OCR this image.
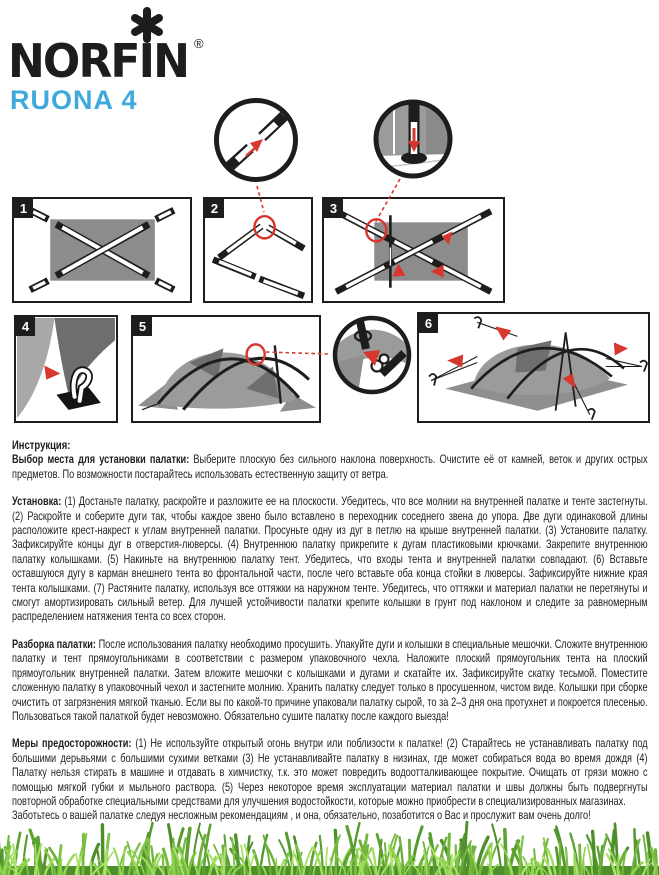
NORFIN ®
RUONA 4
1	2	3
4	5	6
Инструкция:

Выбор места для установки палатки: Выберите плоскую без сильного наклона поверхность. Очистите её от камней, веток и других острых предметов. По возможности постарайтесь использовать естественную защиту от ветра.

Установка: (1) Достаньте палатку, раскройте и разложите ее на плоскости. Убедитесь, что все молнии на внутренней палатке и тенте застегнуты. (2) Раскройте и соберите дуги так, чтобы каждое звено было вставлено в переходник соседнего звена до упора. Две дуги одинаковой длины расположите крест-накрест к углам внутренней палатки. Просуньте одну из дуг в петлю на крыше внутренней палатки. (3) Установите палатку. Зафиксируйте концы дуг в отверстия-люверсы. (4) Внутреннюю палатку прикрепите к дугам пластиковыми крючками. Закрепите внутреннюю палатку колышками. (5) Накиньте на внутреннюю палатку тент. Убедитесь, что входы тента и внутренней палатки совпадают. (6) Вставьте оставшуюся дугу в карман внешнего тента во фронтальной части, после чего вставьте оба конца стойки в люверсы. Зафиксируйте нижние края тента колышками. (7) Растяните палатку, используя все оттяжки на наружном тенте. Убедитесь, что оттяжки и материал палатки не перетянуты и смогут амортизировать сильный ветер. Для лучшей устойчивости палатки крепите колышки в грунт под наклоном и следите за равномерным распределением натяжения тента со всех сторон.

Разборка палатки: После использования палатку необходимо просушить. Упакуйте дуги и колышки в специальные мешочки. Сложите внутреннюю палатку и тент прямоугольниками в соответствии с размером упаковочного чехла. Наложите плоский прямоугольник тента на плоский прямоугольник внутренней палатки. Затем вложите мешочки с колышками и дугами и скатайте их. Зафиксируйте скатку тесьмой. Поместите сложенную палатку в упаковочный чехол и застегните молнию. Хранить палатку следует только в просушенном, чистом виде. Колышки при сборке очистить от загрязнения мягкой тканью. Если вы по какой-то причине упаковали палатку сырой, то за 2–3 дня она протухнет и покроется плесенью. Пользоваться такой палаткой будет невозможно. Обязательно сушите палатку после каждого выезда!

Меры предосторожности: (1) Не используйте открытый огонь внутри или поблизости к палатке! (2) Старайтесь не устанавливать палатку под большими дерьвьями с большими сухими ветками (3) Не устанавливайте палатку в низинах, где может собираться вода во время дождя (4) Палатку нельзя стирать в машине и отдавать в химчистку, т.к. это может повредить водоотталкивающее покрытие. Очищать от грязи можно с помощью мягкой губки и мыльного раствора. (5) Через некоторое время эксплуатации материал палатки и швы должны быть подвергнуты повторной обработке специальными средствами для улучшения водостойкости, которые можно приобрести в специализированных магазинах.

Заботьтесь о вашей палатке следуя несложным рекомендациям , и она, обязательно, позаботится о Вас и прослужит вам очень долго!
